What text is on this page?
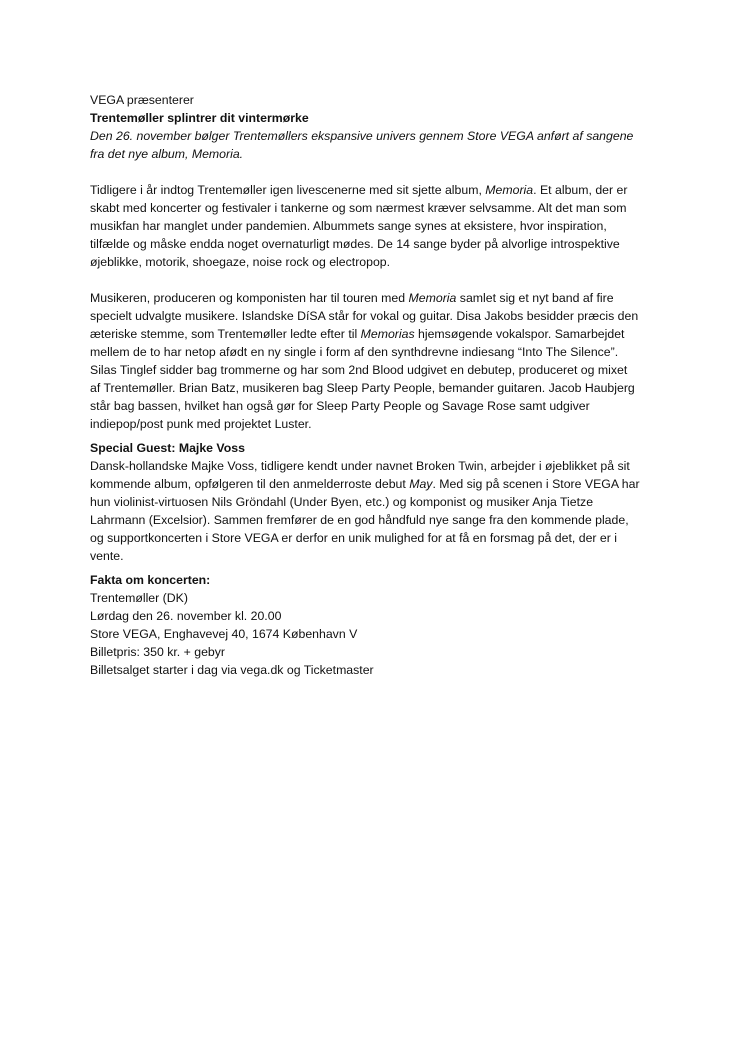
VEGA præsenterer
Trentemøller splintrer dit vintermørke
Den 26. november bølger Trentemøllers ekspansive univers gennem Store VEGA anført af sangene
fra det nye album, Memoria.
Tidligere i år indtog Trentemøller igen livescenerne med sit sjette album, Memoria. Et album, der er
skabt med koncerter og festivaler i tankerne og som nærmest kræver selvsamme. Alt det man som
musikfan har manglet under pandemien. Albummets sange synes at eksistere, hvor inspiration,
tilfælde og måske endda noget overnaturligt mødes. De 14 sange byder på alvorlige introspektive
øjeblikke, motorik, shoegaze, noise rock og electropop.
Musikeren, produceren og komponisten har til touren med Memoria samlet sig et nyt band af fire
specielt udvalgte musikere. Islandske DíSA står for vokal og guitar. Disa Jakobs besidder præcis den
æteriske stemme, som Trentemøller ledte efter til Memorias hjemsøgende vokalspor. Samarbejdet
mellem de to har netop afødt en ny single i form af den synthdrevne indiesang “Into The Silence”.
Silas Tinglef sidder bag trommerne og har som 2nd Blood udgivet en debutep, produceret og mixet
af Trentemøller. Brian Batz, musikeren bag Sleep Party People, bemander guitaren. Jacob Haubjerg
står bag bassen, hvilket han også gør for Sleep Party People og Savage Rose samt udgiver
indiepop/post punk med projektet Luster.
Special Guest: Majke Voss
Dansk-hollandske Majke Voss, tidligere kendt under navnet Broken Twin, arbejder i øjeblikket på sit
kommende album, opfølgeren til den anmelderroste debut May. Med sig på scenen i Store VEGA har
hun violinist-virtuosen Nils Gröndahl (Under Byen, etc.) og komponist og musiker Anja Tietze
Lahrmann (Excelsior). Sammen fremfører de en god håndfuld nye sange fra den kommende plade,
og supportkoncerten i Store VEGA er derfor en unik mulighed for at få en forsmag på det, der er i
vente.
Fakta om koncerten:
Trentemøller (DK)
Lørdag den 26. november kl. 20.00
Store VEGA, Enghavevej 40, 1674 København V
Billetpris: 350 kr. + gebyr
Billetsalget starter i dag via vega.dk og Ticketmaster
